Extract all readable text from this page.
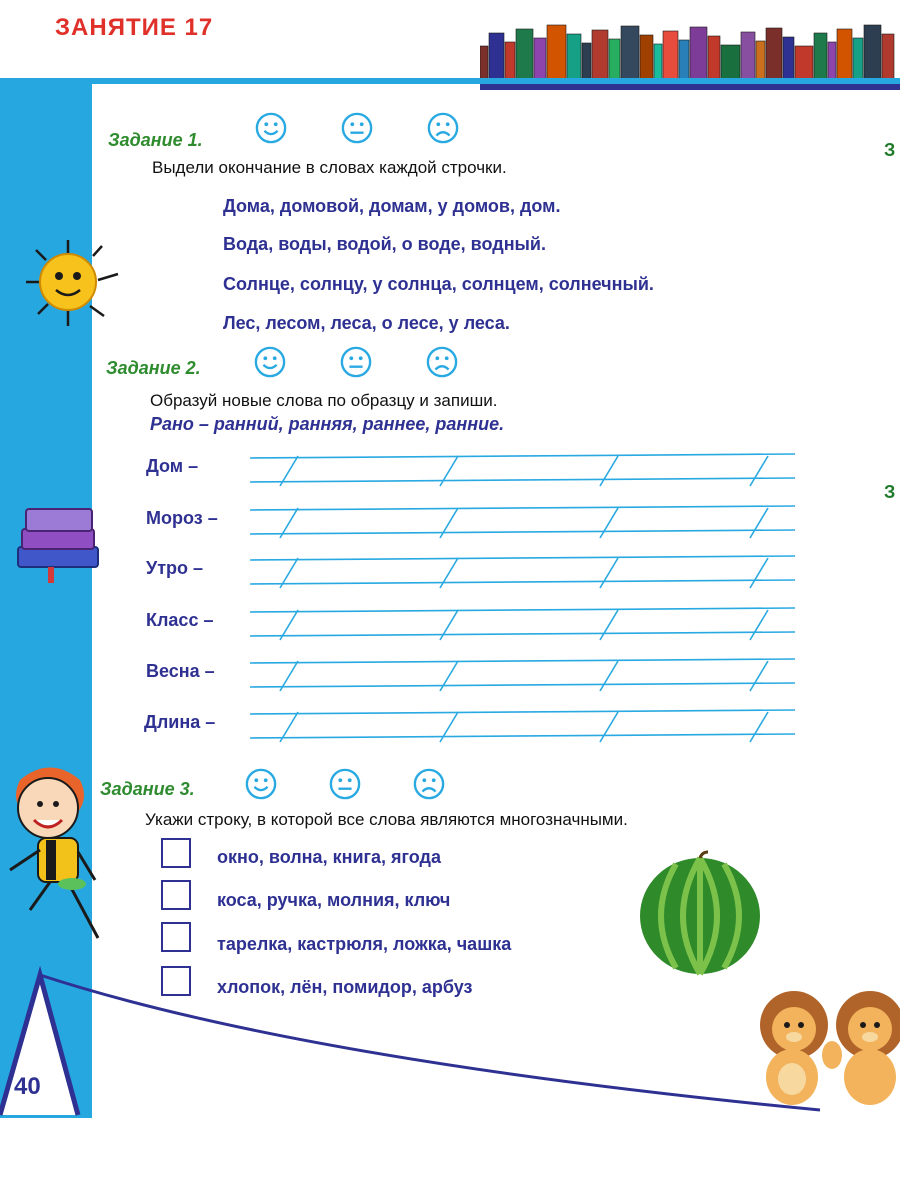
ЗАНЯТИЕ 17
40
З
З
Задание 1.
Выдели окончание в словах каждой строчки.
Дома, домовой, домам, у домов, дом.
Вода, воды, водой, о воде, водный.
Солнце, солнцу, у солнца, солнцем, солнечный.
Лес, лесом, леса, о лесе, у леса.
Задание 2.
Образуй новые слова по образцу и запиши.
Рано – ранний, ранняя, раннее, ранние.
Дом –
Мороз –
Утро –
Класс –
Весна –
Длина –
Задание 3.
Укажи строку, в которой все слова являются многозначными.
окно, волна, книга, ягода
коса, ручка, молния, ключ
тарелка, кастрюля, ложка, чашка
хлопок, лён, помидор, арбуз
